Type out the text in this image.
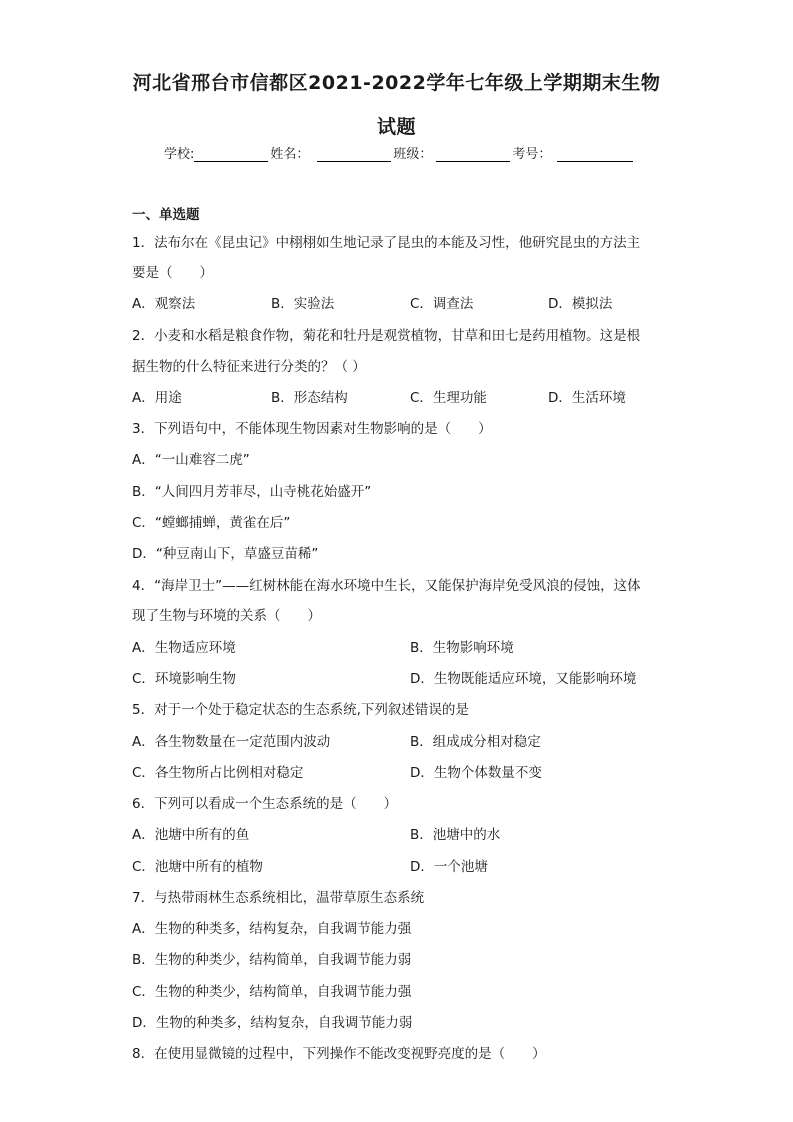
河北省邢台市信都区2021-2022学年七年级上学期期末生物
试题
学校:	姓名：	班级：	考号：
一、单选题
1．法布尔在《昆虫记》中栩栩如生地记录了昆虫的本能及习性，他研究昆虫的方法主
要是（　　）
A．观察法	B．实验法	C．调查法	D．模拟法
2．小麦和水稻是粮食作物，菊花和牡丹是观赏植物，甘草和田七是药用植物。这是根
据生物的什么特征来进行分类的？（ ）
A．用途	B．形态结构	C．生理功能	D．生活环境
3．下列语句中，不能体现生物因素对生物影响的是（　　）
A．“一山难容二虎”
B．“人间四月芳菲尽，山寺桃花始盛开”
C．“螳螂捕蝉，黄雀在后”
D．“种豆南山下，草盛豆苗稀”
4．“海岸卫士”——红树林能在海水环境中生长，又能保护海岸免受风浪的侵蚀，这体
现了生物与环境的关系（　　）
A．生物适应环境	B．生物影响环境
C．环境影响生物	D．生物既能适应环境，又能影响环境
5．对于一个处于稳定状态的生态系统,下列叙述错误的是
A．各生物数量在一定范围内波动	B．组成成分相对稳定
C．各生物所占比例相对稳定	D．生物个体数量不变
6．下列可以看成一个生态系统的是（　　）
A．池塘中所有的鱼	B．池塘中的水
C．池塘中所有的植物	D．一个池塘
7．与热带雨林生态系统相比，温带草原生态系统
A．生物的种类多，结构复杂，自我调节能力强
B．生物的种类少，结构简单，自我调节能力弱
C．生物的种类少，结构简单，自我调节能力强
D．生物的种类多，结构复杂，自我调节能力弱
8．在使用显微镜的过程中，下列操作不能改变视野亮度的是（　　）
